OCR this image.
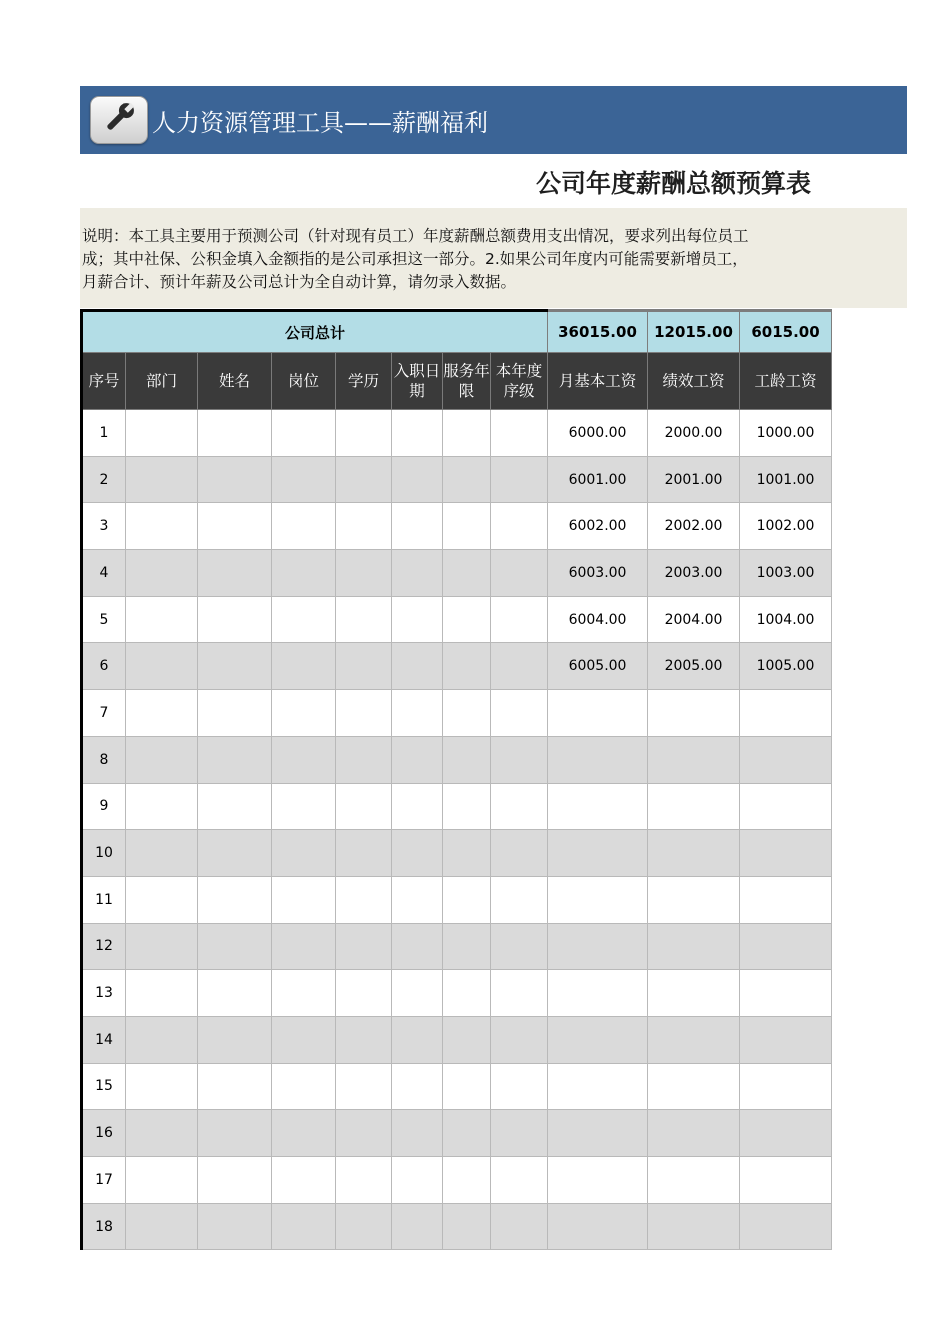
人力资源管理工具——薪酬福利
公司年度薪酬总额预算表
说明：本工具主要用于预测公司（针对现有员工）年度薪酬总额费用支出情况，要求列出每位员工
成；其中社保、公积金填入金额指的是公司承担这一部分。2.如果公司年度内可能需要新增员工，
月薪合计、预计年薪及公司总计为全自动计算，请勿录入数据。
公司总计								36015.00	12015.00	6015.00
序号	部门	姓名	岗位	学历	入职日期	服务年限	本年度序级	月基本工资	绩效工资	工龄工资
1								6000.00	2000.00	1000.00
2								6001.00	2001.00	1001.00
3								6002.00	2002.00	1002.00
4								6003.00	2003.00	1003.00
5								6004.00	2004.00	1004.00
6								6005.00	2005.00	1005.00
7										
8										
9										
10										
11										
12										
13										
14										
15										
16										
17										
18										
